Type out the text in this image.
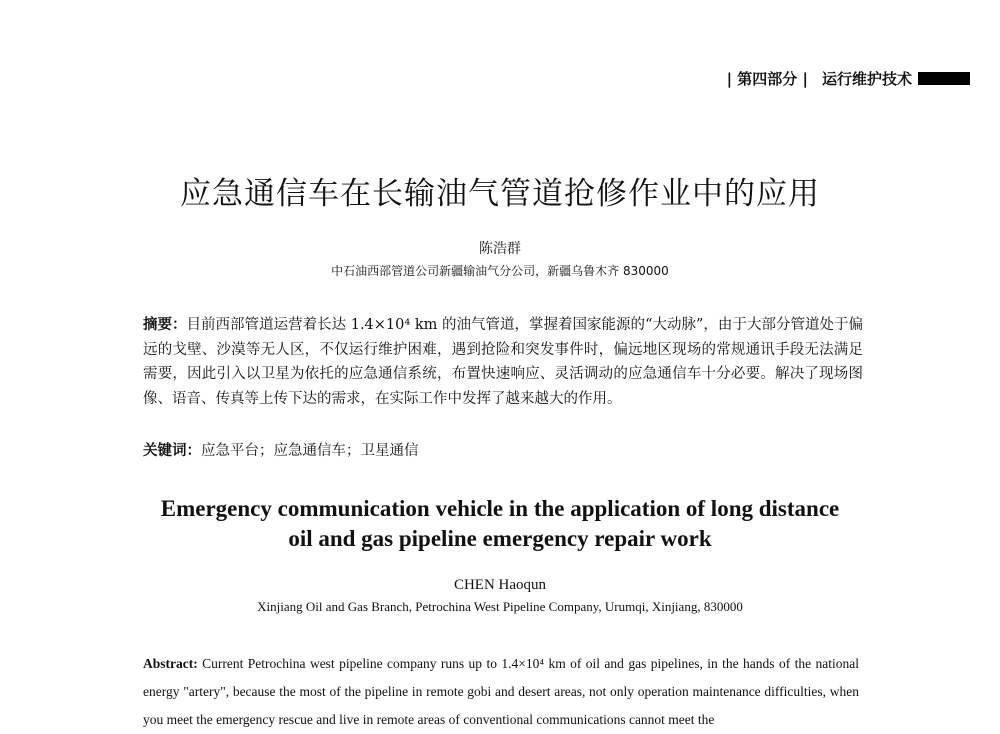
| 第四部分 | 运行维护技术
应急通信车在长输油气管道抢修作业中的应用
陈浩群
中石油西部管道公司新疆输油气分公司，新疆乌鲁木齐 830000
摘要：目前西部管道运营着长达 1.4×10⁴ km 的油气管道，掌握着国家能源的“大动脉”，由于大部分管道处于偏远的戈壁、沙漠等无人区，不仅运行维护困难，遇到抢险和突发事件时，偏远地区现场的常规通讯手段无法满足需要，因此引入以卫星为依托的应急通信系统，布置快速响应、灵活调动的应急通信车十分必要。解决了现场图像、语音、传真等上传下达的需求，在实际工作中发挥了越来越大的作用。
关键词：应急平台；应急通信车；卫星通信
Emergency communication vehicle in the application of long distance
oil and gas pipeline emergency repair work
CHEN Haoqun
Xinjiang Oil and Gas Branch, Petrochina West Pipeline Company, Urumqi, Xinjiang, 830000
Abstract: Current Petrochina west pipeline company runs up to 1.4×10⁴ km of oil and gas pipelines, in the hands of the national energy "artery", because the most of the pipeline in remote gobi and desert areas, not only operation maintenance difficulties, when you meet the emergency rescue and live in remote areas of conventional communications cannot meet the
